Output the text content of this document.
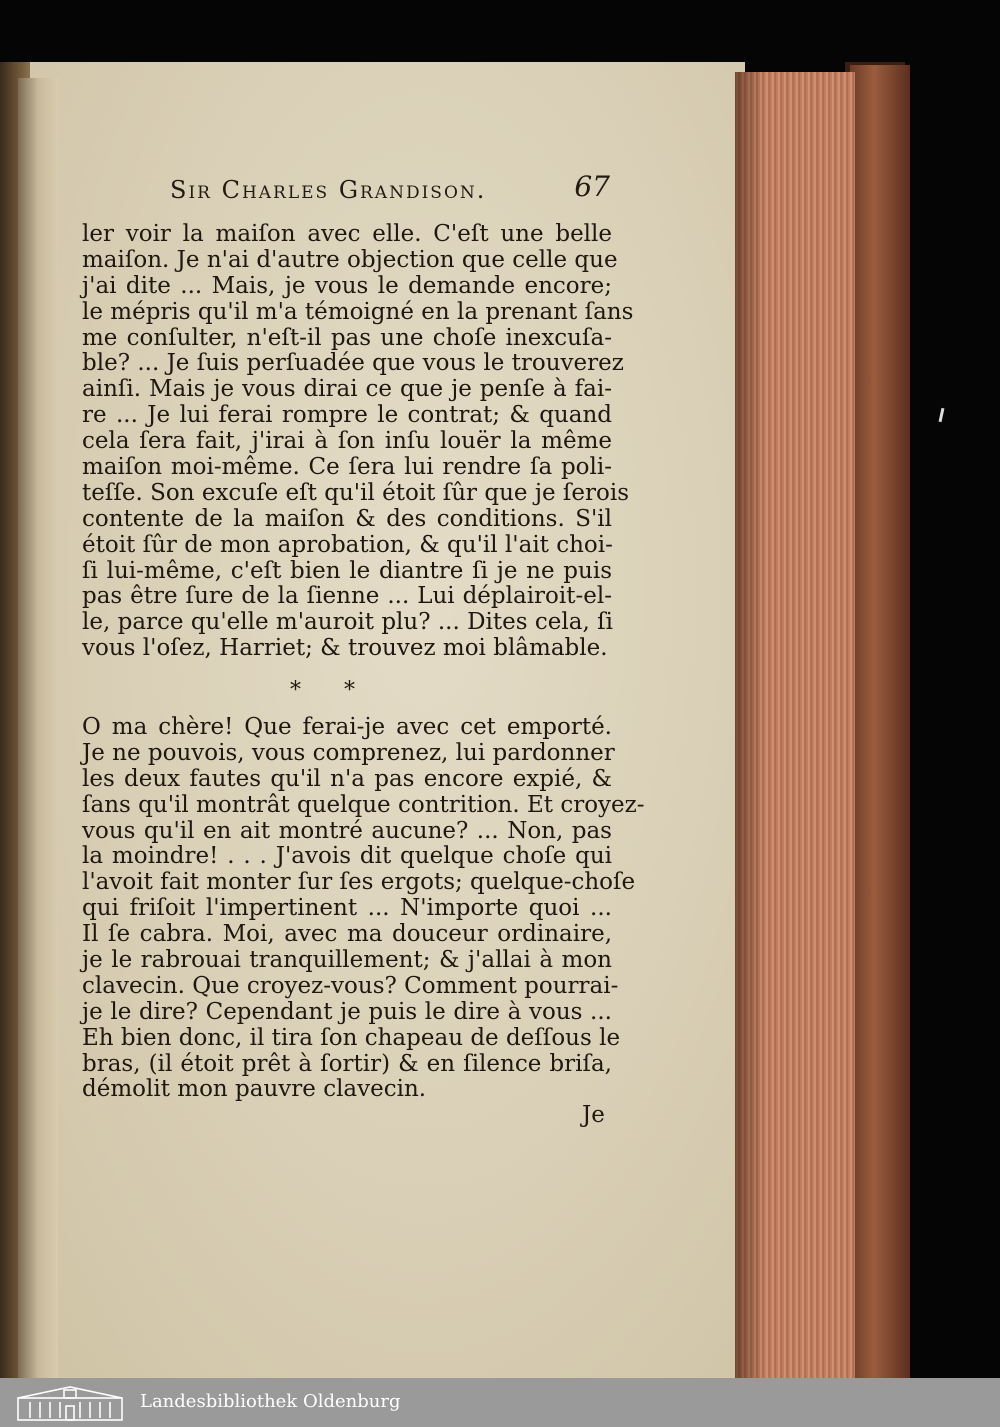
Sir Charles Grandison.	67
ler voir la maiſon avec elle. C'eſt une belle
maiſon. Je n'ai d'autre objection que celle que
j'ai dite ... Mais, je vous le demande encore;
le mépris qu'il m'a témoigné en la prenant ſans
me conſulter, n'eſt-il pas une choſe inexcuſa-
ble? ... Je ſuis perſuadée que vous le trouverez
ainſi. Mais je vous dirai ce que je penſe à fai-
re ... Je lui ferai rompre le contrat; & quand
cela ſera fait, j'irai à ſon inſu louër la même
maiſon moi-même. Ce ſera lui rendre ſa poli-
teſſe. Son excuſe eſt qu'il étoit ſûr que je ſerois
contente de la maiſon & des conditions. S'il
étoit ſûr de mon aprobation, & qu'il l'ait choi-
ſi lui-même, c'eſt bien le diantre ſi je ne puis
pas être ſure de la ſienne ... Lui déplairoit-el-
le, parce qu'elle m'auroit plu? ... Dites cela, ſi
vous l'oſez, Harriet; & trouvez moi blâmable.
* *
O ma chère! Que ferai-je avec cet emporté.
Je ne pouvois, vous comprenez, lui pardonner
les deux fautes qu'il n'a pas encore expié, &
ſans qu'il montrât quelque contrition. Et croyez-
vous qu'il en ait montré aucune? ... Non, pas
la moindre! . . . J'avois dit quelque choſe qui
l'avoit fait monter ſur ſes ergots; quelque-choſe
qui friſoit l'impertinent ... N'importe quoi ...
Il ſe cabra. Moi, avec ma douceur ordinaire,
je le rabrouai tranquillement; & j'allai à mon
clavecin. Que croyez-vous? Comment pourrai-
je le dire? Cependant je puis le dire à vous ...
Eh bien donc, il tira ſon chapeau de deſſous le
bras, (il étoit prêt à ſortir) & en ſilence briſa,
démolit mon pauvre clavecin.
Je
Landesbibliothek Oldenburg
